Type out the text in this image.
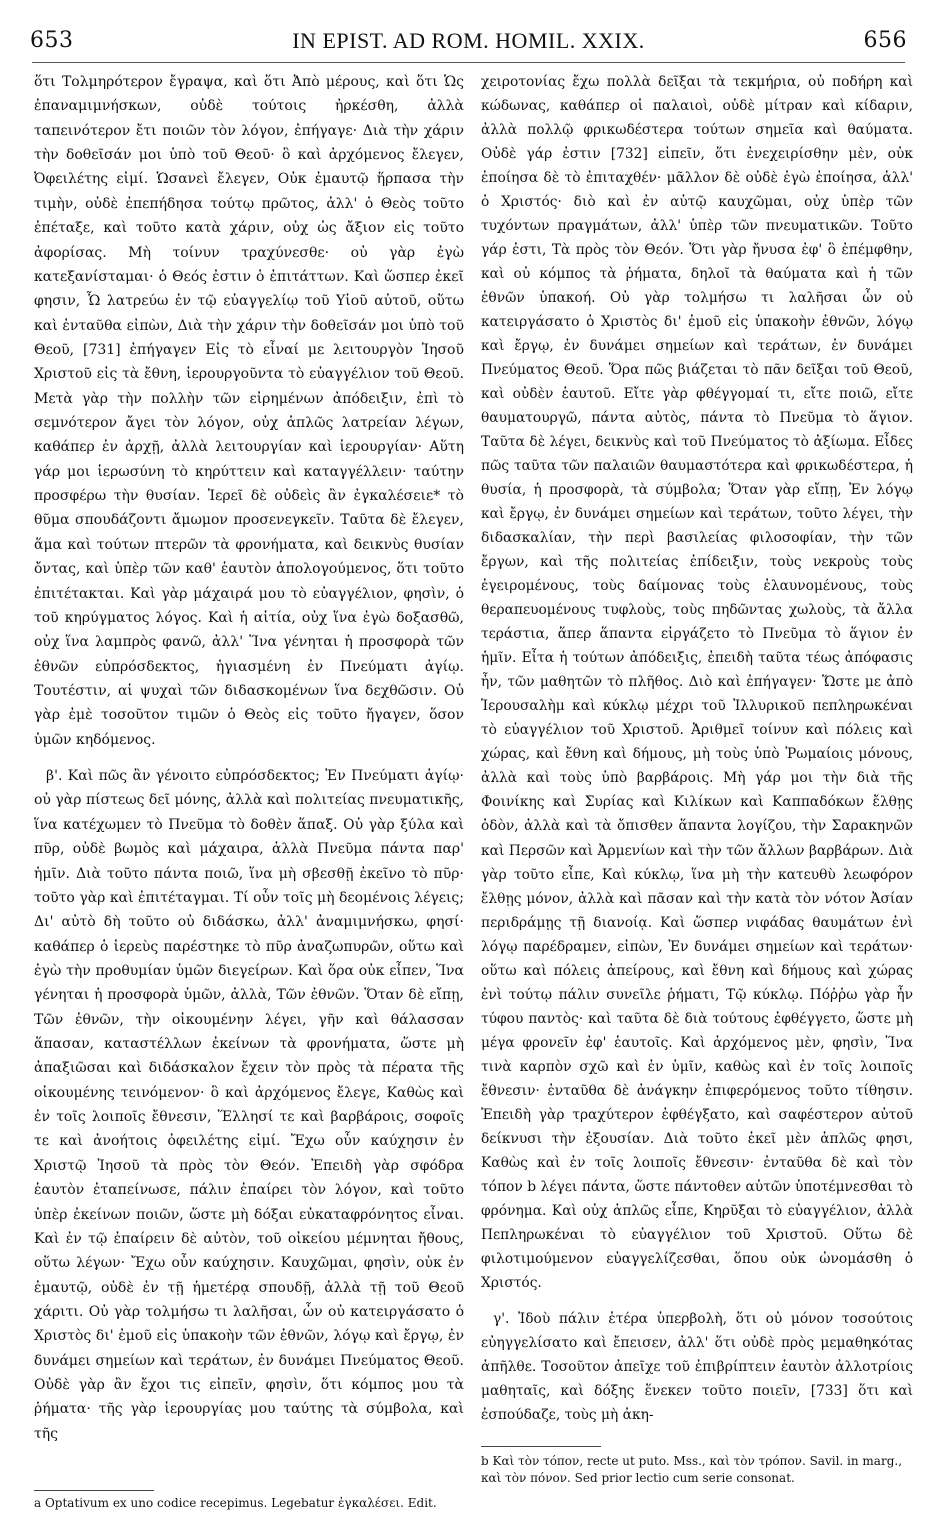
653	IN EPIST. AD ROM. HOMIL. XXIX.	656

ὅτι Τολμηρότερον ἔγραψα, καὶ ὅτι Ἀπὸ μέρους, καὶ ὅτι Ὡς ἐπαναμιμνήσκων, οὐδὲ τούτοις ἠρκέσθη, ἀλλὰ ταπεινότερον ἔτι ποιῶν τὸν λόγον, ἐπήγαγε· Διὰ τὴν χάριν τὴν δοθεῖσάν μοι ὑπὸ τοῦ Θεοῦ· ὃ καὶ ἀρχόμενος ἔλεγεν, Ὀφειλέτης εἰμί. Ὡσανεὶ ἔλεγεν, Οὐκ ἐμαυτῷ ἥρπασα τὴν τιμὴν, οὐδὲ ἐπεπήδησα τούτῳ πρῶτος, ἀλλ' ὁ Θεὸς τοῦτο ἐπέταξε, καὶ τοῦτο κατὰ χάριν, οὐχ ὡς ἄξιον εἰς τοῦτο ἀφορίσας. Μὴ τοίνυν τραχύνεσθε· οὐ γὰρ ἐγὼ κατεξανίσταμαι· ὁ Θεός ἐστιν ὁ ἐπιτάττων. Καὶ ὥσπερ ἐκεῖ φησιν, Ὧ λατρεύω ἐν τῷ εὐαγγελίῳ τοῦ Υἱοῦ αὐτοῦ, οὕτω καὶ ἐνταῦθα εἰπὼν, Διὰ τὴν χάριν τὴν δοθεῖσάν μοι ὑπὸ τοῦ Θεοῦ, [731] ἐπήγαγεν Εἰς τὸ εἶναί με λειτουργὸν Ἰησοῦ Χριστοῦ εἰς τὰ ἔθνη, ἱερουργοῦντα τὸ εὐαγγέλιον τοῦ Θεοῦ. Μετὰ γὰρ τὴν πολλὴν τῶν εἰρημένων ἀπόδειξιν, ἐπὶ τὸ σεμνότερον ἄγει τὸν λόγον, οὐχ ἁπλῶς λατρείαν λέγων, καθάπερ ἐν ἀρχῇ, ἀλλὰ λειτουργίαν καὶ ἱερουργίαν· Αὕτη γάρ μοι ἱερωσύνη τὸ κηρύττειν καὶ καταγγέλλειν· ταύτην προσφέρω τὴν θυσίαν. Ἱερεῖ δὲ οὐδεὶς ἂν ἐγκαλέσειε* τὸ θῦμα σπουδάζοντι ἄμωμον προσενεγκεῖν. Ταῦτα δὲ ἔλεγεν, ἅμα καὶ τούτων πτερῶν τὰ φρονήματα, καὶ δεικνὺς θυσίαν ὄντας, καὶ ὑπὲρ τῶν καθ' ἑαυτὸν ἀπολογούμενος, ὅτι τοῦτο ἐπιτέτακται. Καὶ γὰρ μάχαιρά μου τὸ εὐαγγέλιον, φησὶν, ὁ τοῦ κηρύγματος λόγος. Καὶ ἡ αἰτία, οὐχ ἵνα ἐγὼ δοξασθῶ, οὐχ ἵνα λαμπρὸς φανῶ, ἀλλ' Ἵνα γένηται ἡ προσφορὰ τῶν ἐθνῶν εὐπρόσδεκτος, ἡγιασμένη ἐν Πνεύματι ἁγίῳ. Τουτέστιν, αἱ ψυχαὶ τῶν διδασκομένων ἵνα δεχθῶσιν. Οὐ γὰρ ἐμὲ τοσοῦτον τιμῶν ὁ Θεὸς εἰς τοῦτο ἤγαγεν, ὅσον ὑμῶν κηδόμενος.

β'. Καὶ πῶς ἂν γένοιτο εὐπρόσδεκτος; Ἐν Πνεύματι ἁγίῳ· οὐ γὰρ πίστεως δεῖ μόνης, ἀλλὰ καὶ πολιτείας πνευματικῆς, ἵνα κατέχωμεν τὸ Πνεῦμα τὸ δοθὲν ἅπαξ. Οὐ γὰρ ξύλα καὶ πῦρ, οὐδὲ βωμὸς καὶ μάχαιρα, ἀλλὰ Πνεῦμα πάντα παρ' ἡμῖν. Διὰ τοῦτο πάντα ποιῶ, ἵνα μὴ σβεσθῇ ἐκεῖνο τὸ πῦρ· τοῦτο γὰρ καὶ ἐπιτέταγμαι. Τί οὖν τοῖς μὴ δεομένοις λέγεις; Δι' αὐτὸ δὴ τοῦτο οὐ διδάσκω, ἀλλ' ἀναμιμνήσκω, φησί· καθάπερ ὁ ἱερεὺς παρέστηκε τὸ πῦρ ἀναζωπυρῶν, οὕτω καὶ ἐγὼ τὴν προθυμίαν ὑμῶν διεγείρων. Καὶ ὅρα οὐκ εἶπεν, Ἵνα γένηται ἡ προσφορὰ ὑμῶν, ἀλλὰ, Τῶν ἐθνῶν. Ὅταν δὲ εἴπῃ, Τῶν ἐθνῶν, τὴν οἰκουμένην λέγει, γῆν καὶ θάλασσαν ἅπασαν, καταστέλλων ἐκείνων τὰ φρονήματα, ὥστε μὴ ἀπαξιῶσαι καὶ διδάσκαλον ἔχειν τὸν πρὸς τὰ πέρατα τῆς οἰκουμένης τεινόμενον· ὃ καὶ ἀρχόμενος ἔλεγε, Καθὼς καὶ ἐν τοῖς λοιποῖς ἔθνεσιν, Ἕλλησί τε καὶ βαρβάροις, σοφοῖς τε καὶ ἀνοήτοις ὀφειλέτης εἰμί. Ἔχω οὖν καύχησιν ἐν Χριστῷ Ἰησοῦ τὰ πρὸς τὸν Θεόν. Ἐπειδὴ γὰρ σφόδρα ἑαυτὸν ἐταπείνωσε, πάλιν ἐπαίρει τὸν λόγον, καὶ τοῦτο ὑπὲρ ἐκείνων ποιῶν, ὥστε μὴ δόξαι εὐκαταφρόνητος εἶναι. Καὶ ἐν τῷ ἐπαίρειν δὲ αὐτὸν, τοῦ οἰκείου μέμνηται ἤθους, οὕτω λέγων· Ἔχω οὖν καύχησιν. Καυχῶμαι, φησὶν, οὐκ ἐν ἐμαυτῷ, οὐδὲ ἐν τῇ ἡμετέρᾳ σπουδῇ, ἀλλὰ τῇ τοῦ Θεοῦ χάριτι. Οὐ γὰρ τολμήσω τι λαλῆσαι, ὧν οὐ κατειργάσατο ὁ Χριστὸς δι' ἐμοῦ εἰς ὑπακοὴν τῶν ἐθνῶν, λόγῳ καὶ ἔργῳ, ἐν δυνάμει σημείων καὶ τεράτων, ἐν δυνάμει Πνεύματος Θεοῦ. Οὐδὲ γὰρ ἂν ἔχοι τις εἰπεῖν, φησὶν, ὅτι κόμπος μου τὰ ῥήματα· τῆς γὰρ ἱερουργίας μου ταύτης τὰ σύμβολα, καὶ τῆς

χειροτονίας ἔχω πολλὰ δεῖξαι τὰ τεκμήρια, οὐ ποδήρη καὶ κώδωνας, καθάπερ οἱ παλαιοὶ, οὐδὲ μίτραν καὶ κίδαριν, ἀλλὰ πολλῷ φρικωδέστερα τούτων σημεῖα καὶ θαύματα. Οὐδὲ γάρ ἐστιν [732] εἰπεῖν, ὅτι ἐνεχειρίσθην μὲν, οὐκ ἐποίησα δὲ τὸ ἐπιταχθέν· μᾶλλον δὲ οὐδὲ ἐγὼ ἐποίησα, ἀλλ' ὁ Χριστός· διὸ καὶ ἐν αὐτῷ καυχῶμαι, οὐχ ὑπὲρ τῶν τυχόντων πραγμάτων, ἀλλ' ὑπὲρ τῶν πνευματικῶν. Τοῦτο γάρ ἐστι, Τὰ πρὸς τὸν Θεόν. Ὅτι γὰρ ἤνυσα ἐφ' ὃ ἐπέμφθην, καὶ οὐ κόμπος τὰ ῥήματα, δηλοῖ τὰ θαύματα καὶ ἡ τῶν ἐθνῶν ὑπακοή. Οὐ γὰρ τολμήσω τι λαλῆσαι ὧν οὐ κατειργάσατο ὁ Χριστὸς δι' ἐμοῦ εἰς ὑπακοὴν ἐθνῶν, λόγῳ καὶ ἔργῳ, ἐν δυνάμει σημείων καὶ τεράτων, ἐν δυνάμει Πνεύματος Θεοῦ. Ὅρα πῶς βιάζεται τὸ πᾶν δεῖξαι τοῦ Θεοῦ, καὶ οὐδὲν ἑαυτοῦ. Εἴτε γὰρ φθέγγομαί τι, εἴτε ποιῶ, εἴτε θαυματουργῶ, πάντα αὐτὸς, πάντα τὸ Πνεῦμα τὸ ἅγιον. Ταῦτα δὲ λέγει, δεικνὺς καὶ τοῦ Πνεύματος τὸ ἀξίωμα. Εἶδες πῶς ταῦτα τῶν παλαιῶν θαυμαστότερα καὶ φρικωδέστερα, ἡ θυσία, ἡ προσφορὰ, τὰ σύμβολα; Ὅταν γὰρ εἴπῃ, Ἐν λόγῳ καὶ ἔργῳ, ἐν δυνάμει σημείων καὶ τεράτων, τοῦτο λέγει, τὴν διδασκαλίαν, τὴν περὶ βασιλείας φιλοσοφίαν, τὴν τῶν ἔργων, καὶ τῆς πολιτείας ἐπίδειξιν, τοὺς νεκροὺς τοὺς ἐγειρομένους, τοὺς δαίμονας τοὺς ἐλαυνομένους, τοὺς θεραπευομένους τυφλοὺς, τοὺς πηδῶντας χωλοὺς, τὰ ἄλλα τεράστια, ἅπερ ἅπαντα εἰργάζετο τὸ Πνεῦμα τὸ ἅγιον ἐν ἡμῖν. Εἶτα ἡ τούτων ἀπόδειξις, ἐπειδὴ ταῦτα τέως ἀπόφασις ἦν, τῶν μαθητῶν τὸ πλῆθος. Διὸ καὶ ἐπήγαγεν· Ὥστε με ἀπὸ Ἱερουσαλὴμ καὶ κύκλῳ μέχρι τοῦ Ἰλλυρικοῦ πεπληρωκέναι τὸ εὐαγγέλιον τοῦ Χριστοῦ. Ἀριθμεῖ τοίνυν καὶ πόλεις καὶ χώρας, καὶ ἔθνη καὶ δήμους, μὴ τοὺς ὑπὸ Ῥωμαίοις μόνους, ἀλλὰ καὶ τοὺς ὑπὸ βαρβάροις. Μὴ γάρ μοι τὴν διὰ τῆς Φοινίκης καὶ Συρίας καὶ Κιλίκων καὶ Καππαδόκων ἔλθῃς ὁδὸν, ἀλλὰ καὶ τὰ ὄπισθεν ἅπαντα λογίζου, τὴν Σαρακηνῶν καὶ Περσῶν καὶ Ἀρμενίων καὶ τὴν τῶν ἄλλων βαρβάρων. Διὰ γὰρ τοῦτο εἶπε, Καὶ κύκλῳ, ἵνα μὴ τὴν κατευθὺ λεωφόρον ἔλθῃς μόνον, ἀλλὰ καὶ πᾶσαν καὶ τὴν κατὰ τὸν νότον Ἀσίαν περιδράμῃς τῇ διανοίᾳ. Καὶ ὥσπερ νιφάδας θαυμάτων ἐνὶ λόγῳ παρέδραμεν, εἰπὼν, Ἐν δυνάμει σημείων καὶ τεράτων· οὕτω καὶ πόλεις ἀπείρους, καὶ ἔθνη καὶ δήμους καὶ χώρας ἐνὶ τούτῳ πάλιν συνεῖλε ῥήματι, Τῷ κύκλῳ. Πόῤῥω γὰρ ἦν τύφου παντὸς· καὶ ταῦτα δὲ διὰ τούτους ἐφθέγγετο, ὥστε μὴ μέγα φρονεῖν ἐφ' ἑαυτοῖς. Καὶ ἀρχόμενος μὲν, φησὶν, Ἵνα τινὰ καρπὸν σχῶ καὶ ἐν ὑμῖν, καθὼς καὶ ἐν τοῖς λοιποῖς ἔθνεσιν· ἐνταῦθα δὲ ἀνάγκην ἐπιφερόμενος τοῦτο τίθησιν. Ἐπειδὴ γὰρ τραχύτερον ἐφθέγξατο, καὶ σαφέστερον αὐτοῦ δείκνυσι τὴν ἐξουσίαν. Διὰ τοῦτο ἐκεῖ μὲν ἁπλῶς φησι, Καθὼς καὶ ἐν τοῖς λοιποῖς ἔθνεσιν· ἐνταῦθα δὲ καὶ τὸν τόπον b λέγει πάντα, ὥστε πάντοθεν αὐτῶν ὑποτέμνεσθαι τὸ φρόνημα. Καὶ οὐχ ἁπλῶς εἶπε, Κηρῦξαι τὸ εὐαγγέλιον, ἀλλὰ Πεπληρωκέναι τὸ εὐαγγέλιον τοῦ Χριστοῦ. Οὕτω δὲ φιλοτιμούμενον εὐαγγελίζεσθαι, ὅπου οὐκ ὠνομάσθη ὁ Χριστός.

γ'. Ἰδοὺ πάλιν ἑτέρα ὑπερβολὴ, ὅτι οὐ μόνον τοσούτοις εὐηγγελίσατο καὶ ἔπεισεν, ἀλλ' ὅτι οὐδὲ πρὸς μεμαθηκότας ἀπῆλθε. Τοσοῦτον ἀπεῖχε τοῦ ἐπιβρίπτειν ἑαυτὸν ἀλλοτρίοις μαθηταῖς, καὶ δόξης ἕνεκεν τοῦτο ποιεῖν, [733] ὅτι καὶ ἐσπούδαζε, τοὺς μὴ ἀκη-

a Optativum ex uno codice recepimus. Legebatur ἐγκαλέσει. Edit.
b Καὶ τὸν τόπον, recte ut puto. Mss., καὶ τὸν τρόπον. Savil. in marg., καὶ τὸν πόνον. Sed prior lectio cum serie consonat.
